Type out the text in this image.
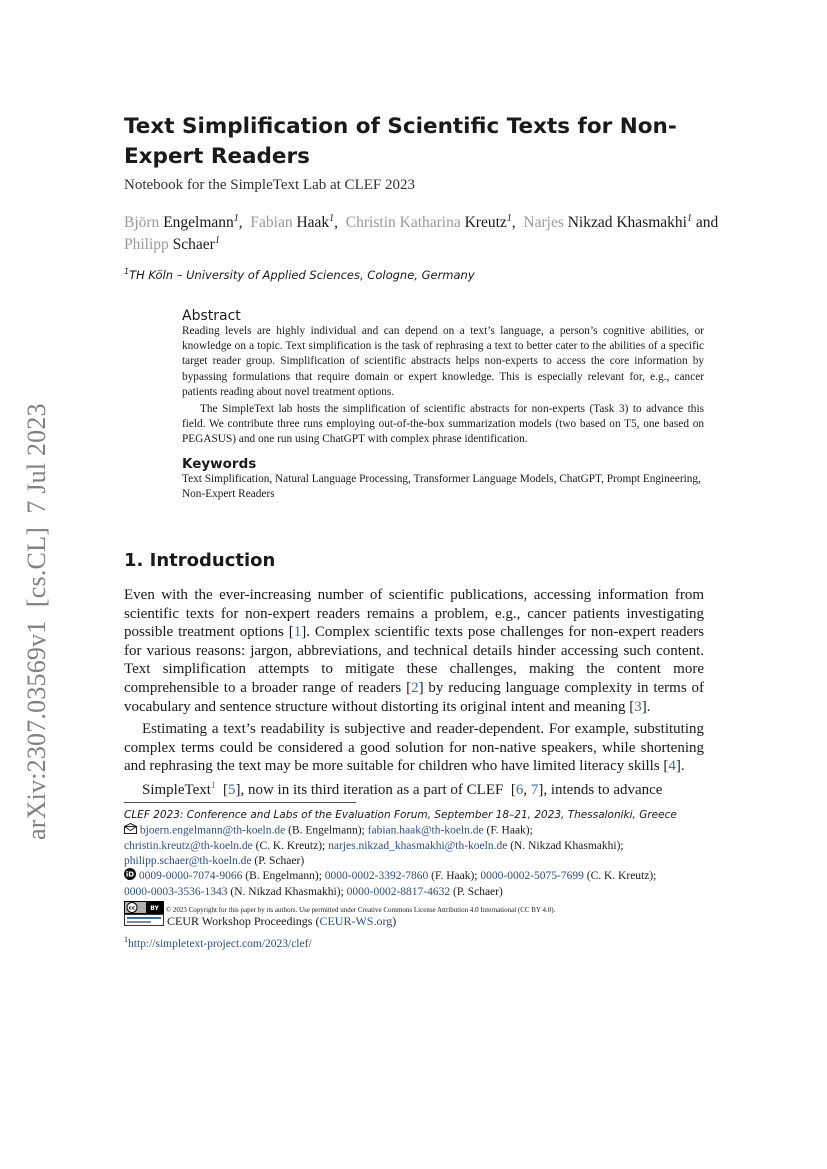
arXiv:2307.03569v1  [cs.CL]  7 Jul 2023
Text Simplification of Scientific Texts for Non-Expert Readers
Notebook for the SimpleText Lab at CLEF 2023
Björn Engelmann$^1$,  Fabian Haak$^1$,  Christin Katharina Kreutz$^1$,  Narjes Nikzad Khasmakhi$^1$ and  Philipp Schaer$^1$
$^1$TH Köln – University of Applied Sciences, Cologne, Germany
Abstract
Reading levels are highly individual and can depend on a text’s language, a person’s cognitive abilities, or knowledge on a topic. Text simplification is the task of rephrasing a text to better cater to the abilities of a specific target reader group. Simplification of scientific abstracts helps non-experts to access the core information by bypassing formulations that require domain or expert knowledge. This is especially relevant for, e.g., cancer patients reading about novel treatment options.
The SimpleText lab hosts the simplification of scientific abstracts for non-experts (Task 3) to advance this field. We contribute three runs employing out-of-the-box summarization models (two based on T5, one based on PEGASUS) and one run using ChatGPT with complex phrase identification.
Keywords
Text Simplification, Natural Language Processing, Transformer Language Models, ChatGPT, Prompt Engineering, Non-Expert Readers
1. Introduction
Even with the ever-increasing number of scientific publications, accessing information from scientific texts for non-expert readers remains a problem, e.g., cancer patients investigating possible treatment options [1]. Complex scientific texts pose challenges for non-expert readers for various reasons: jargon, abbreviations, and technical details hinder accessing such content. Text simplification attempts to mitigate these challenges, making the content more comprehensible to a broader range of readers [2] by reducing language complexity in terms of vocabulary and sentence structure without distorting its original intent and meaning [3].
Estimating a text’s readability is subjective and reader-dependent. For example, substituting complex terms could be considered a good solution for non-native speakers, while shortening and rephrasing the text may be more suitable for children who have limited literacy skills [4].
SimpleText$^1$  [5], now in its third iteration as a part of CLEF  [6, 7], intends to advance
CLEF 2023: Conference and Labs of the Evaluation Forum, September 18–21, 2023, Thessaloniki, Greece
bjoern.engelmann@th-koeln.de (B. Engelmann); fabian.haak@th-koeln.de (F. Haak);
christin.kreutz@th-koeln.de (C. K. Kreutz); narjes.nikzad_khasmakhi@th-koeln.de (N. Nikzad Khasmakhi);
philipp.schaer@th-koeln.de (P. Schaer)
iD 0009-0000-7074-9066 (B. Engelmann); 0000-0002-3392-7860 (F. Haak); 0000-0002-5075-7699 (C. K. Kreutz);
0000-0003-3536-1343 (N. Nikzad Khasmakhi); 0000-0002-8817-4632 (P. Schaer)
cc BY © 2023 Copyright for this paper by its authors. Use permitted under Creative Commons License Attribution 4.0 International (CC BY 4.0).
CEUR Workshop Proceedings (CEUR-WS.org)
$^1$http://simpletext-project.com/2023/clef/
